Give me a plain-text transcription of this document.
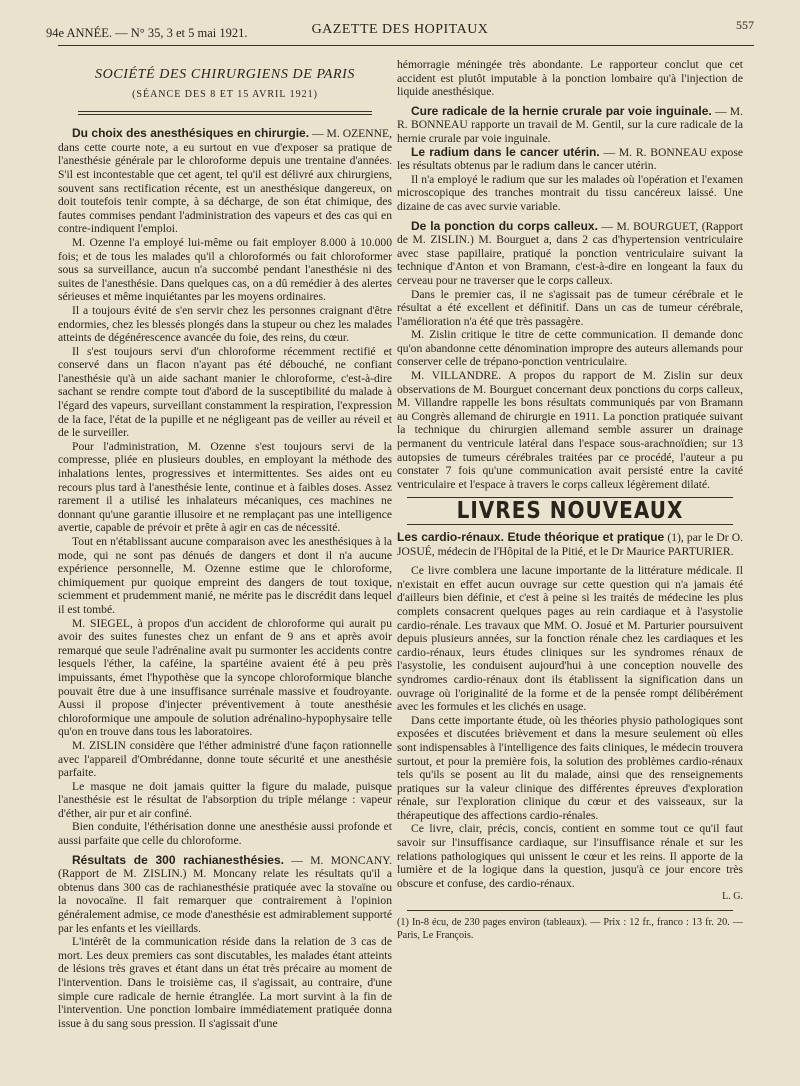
94e ANNÉE. — N° 35, 3 et 5 mai 1921.	GAZETTE DES HOPITAUX	557
SOCIÉTÉ DES CHIRURGIENS DE PARIS
(SÉANCE DES 8 ET 15 AVRIL 1921)

Du choix des anesthésiques en chirurgie. — M. OZENNE, dans cette courte note, a eu surtout en vue d'exposer sa pratique de l'anesthésie générale par le chloroforme depuis une trentaine d'années. S'il est incontestable que cet agent, tel qu'il est délivré aux chirurgiens, souvent sans rectification récente, est un anesthésique dangereux, on doit toutefois tenir compte, à sa décharge, de son état chimique, des fautes commises pendant l'administration des vapeurs et des cas qui en contre-indiquent l'emploi.

M. Ozenne l'a employé lui-même ou fait employer 8.000 à 10.000 fois; et de tous les malades qu'il a chloroformés ou fait chloroformer sous sa surveillance, aucun n'a succombé pendant l'anesthésie ni des suites de l'anesthésie. Dans quelques cas, on a dû remédier à des alertes sérieuses et même inquiétantes par les moyens ordinaires.

Il a toujours évité de s'en servir chez les personnes craignant d'être endormies, chez les blessés plongés dans la stupeur ou chez les malades atteints de dégénérescence avancée du foie, des reins, du cœur.

Il s'est toujours servi d'un chloroforme récemment rectifié et conservé dans un flacon n'ayant pas été débouché, ne confiant l'anesthésie qu'à un aide sachant manier le chloroforme, c'est-à-dire sachant se rendre compte tout d'abord de la susceptibilité du malade à l'égard des vapeurs, surveillant constamment la respiration, l'expression de la face, l'état de la pupille et ne négligeant pas de veiller au réveil et de le surveiller.

Pour l'administration, M. Ozenne s'est toujours servi de la compresse, pliée en plusieurs doubles, en employant la méthode des inhalations lentes, progressives et intermittentes. Ses aides ont eu recours plus tard à l'anesthésie lente, continue et à faibles doses. Assez rarement il a utilisé les inhalateurs mécaniques, ces machines ne donnant qu'une garantie illusoire et ne remplaçant pas une intelligence avertie, capable de prévoir et prête à agir en cas de nécessité.

Tout en n'établissant aucune comparaison avec les anesthésiques à la mode, qui ne sont pas dénués de dangers et dont il n'a aucune expérience personnelle, M. Ozenne estime que le chloroforme, chimiquement pur quoique empreint des dangers de tout toxique, sciemment et prudemment manié, ne mérite pas le discrédit dans lequel il est tombé.

M. SIEGEL, à propos d'un accident de chloroforme qui aurait pu avoir des suites funestes chez un enfant de 9 ans et après avoir remarqué que seule l'adrénaline avait pu surmonter les accidents contre lesquels l'éther, la caféine, la spartéine avaient été à peu près impuissants, émet l'hypothèse que la syncope chloroformique blanche pouvait être due à une insuffisance surrénale massive et foudroyante. Aussi il propose d'injecter préventivement à toute anesthésie chloroformique une ampoule de solution adrénalino-hypophysaire telle qu'on en trouve dans tous les laboratoires.

M. ZISLIN considère que l'éther administré d'une façon rationnelle avec l'appareil d'Ombrédanne, donne toute sécurité et une anesthésie parfaite.

Le masque ne doit jamais quitter la figure du malade, puisque l'anesthésie est le résultat de l'absorption du triple mélange : vapeur d'éther, air pur et air confiné.

Bien conduite, l'éthérisation donne une anesthésie aussi profonde et aussi parfaite que celle du chloroforme.

Résultats de 300 rachianesthésies. — M. MONCANY. (Rapport de M. ZISLIN.) M. Moncany relate les résultats qu'il a obtenus dans 300 cas de rachianesthésie pratiquée avec la stovaïne ou la novocaïne. Il fait remarquer que contrairement à l'opinion généralement admise, ce mode d'anesthésie est admirablement supporté par les enfants et les vieillards.

L'intérêt de la communication réside dans la relation de 3 cas de mort. Les deux premiers cas sont discutables, les malades étant atteints de lésions très graves et étant dans un état très précaire au moment de l'intervention. Dans le troisième cas, il s'agissait, au contraire, d'une simple cure radicale de hernie étranglée. La mort survint à la fin de l'intervention. Une ponction lombaire immédiatement pratiquée donna issue à du sang sous pression. Il s'agissait d'une

hémorragie méningée très abondante. Le rapporteur conclut que cet accident est plutôt imputable à la ponction lombaire qu'à l'injection de liquide anesthésique.

Cure radicale de la hernie crurale par voie inguinale. — M. R. BONNEAU rapporte un travail de M. Gentil, sur la cure radicale de la hernie crurale par voie inguinale.

Le radium dans le cancer utérin. — M. R. BONNEAU expose les résultats obtenus par le radium dans le cancer utérin.

Il n'a employé le radium que sur les malades où l'opération et l'examen microscopique des tranches montrait du tissu cancéreux laissé. Une dizaine de cas avec survie variable.

De la ponction du corps calleux. — M. BOURGUET, (Rapport de M. ZISLIN.) M. Bourguet a, dans 2 cas d'hypertension ventriculaire avec stase papillaire, pratiqué la ponction ventriculaire suivant la technique d'Anton et von Bramann, c'est-à-dire en longeant la faux du cerveau pour ne traverser que le corps calleux.

Dans le premier cas, il ne s'agissait pas de tumeur cérébrale et le résultat a été excellent et définitif. Dans un cas de tumeur cérébrale, l'amélioration n'a été que très passagère.

M. Zislin critique le titre de cette communication. Il demande donc qu'on abandonne cette dénomination impropre des auteurs allemands pour conserver celle de trépano-ponction ventriculaire.

M. VILLANDRE. A propos du rapport de M. Zislin sur deux observations de M. Bourguet concernant deux ponctions du corps calleux, M. Villandre rappelle les bons résultats communiqués par von Bramann au Congrès allemand de chirurgie en 1911. La ponction pratiquée suivant la technique du chirurgien allemand semble assurer un drainage permanent du ventricule latéral dans l'espace sous-arachnoïdien; sur 13 autopsies de tumeurs cérébrales traitées par ce procédé, l'auteur a pu constater 7 fois qu'une communication avait persisté entre la cavité ventriculaire et l'espace à travers le corps calleux légèrement dilaté.

LIVRES NOUVEAUX

Les cardio-rénaux. Etude théorique et pratique (1), par le Dr O. JOSUÉ, médecin de l'Hôpital de la Pitié, et le Dr Maurice PARTURIER.

Ce livre comblera une lacune importante de la littérature médicale. Il n'existait en effet aucun ouvrage sur cette question qui n'a jamais été d'ailleurs bien définie, et c'est à peine si les traités de médecine les plus complets consacrent quelques pages au rein cardiaque et à l'asystolie cardio-rénale. Les travaux que MM. O. Josué et M. Parturier poursuivent depuis plusieurs années, sur la fonction rénale chez les cardiaques et les cardio-rénaux, leurs études cliniques sur les syndromes rénaux de l'asystolie, les conduisent aujourd'hui à une conception nouvelle des syndromes cardio-rénaux dont ils établissent la signification dans un ouvrage où l'originalité de la forme et de la pensée rompt délibérément avec les formules et les clichés en usage.

Dans cette importante étude, où les théories physio pathologiques sont exposées et discutées brièvement et dans la mesure seulement où elles sont indispensables à l'intelligence des faits cliniques, le médecin trouvera surtout, et pour la première fois, la solution des problèmes cardio-rénaux tels qu'ils se posent au lit du malade, ainsi que des renseignements pratiques sur la valeur clinique des différentes épreuves d'exploration rénale, sur l'exploration clinique du cœur et des vaisseaux, sur la thérapeutique des affections cardio-rénales.

Ce livre, clair, précis, concis, contient en somme tout ce qu'il faut savoir sur l'insuffisance cardiaque, sur l'insuffisance rénale et sur les relations pathologiques qui unissent le cœur et les reins. Il apporte de la lumière et de la logique dans la question, jusqu'à ce jour encore très obscure et confuse, des cardio-rénaux.

L. G.
(1) In-8 écu, de 230 pages environ (tableaux). — Prix : 12 fr., franco : 13 fr. 20. — Paris, Le François.
